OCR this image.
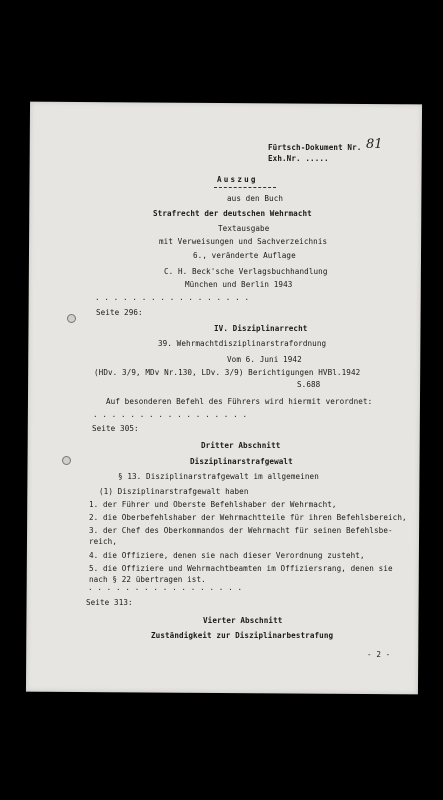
Fürtsch-Dokument Nr. 81
Exh.Nr. .....
Auszug
aus den Buch
Strafrecht der deutschen Wehrmacht
Textausgabe
mit Verweisungen und Sachverzeichnis
6., veränderte Auflage
C. H. Beck'sche Verlagsbuchhandlung
München und Berlin 1943
. . . . . . . . . . . . . . . . .
Seite 296:
IV. Disziplinarrecht
39. Wehrmachtdisziplinarstrafordnung
Vom 6. Juni 1942
(HDv. 3/9, MDv Nr.130, LDv. 3/9) Berichtigungen HVBl.1942
S.688
Auf besonderen Befehl des Führers wird hiermit verordnet:
. . . . . . . . . . . . . . . . .
Seite 305:
Dritter Abschnitt
Disziplinarstrafgewalt
§ 13. Disziplinarstrafgewalt im allgemeinen
(1) Disziplinarstrafgewalt haben
1. der Führer und Oberste Befehlshaber der Wehrmacht,
2. die Oberbefehlshaber der Wehrmachtteile für ihren Befehlsbereich,
3. der Chef des Oberkommandos der Wehrmacht für seinen Befehlsbe-
reich,
4. die Offiziere, denen sie nach dieser Verordnung zusteht,
5. die Offiziere und Wehrmachtbeamten im Offiziersrang, denen sie
nach § 22 übertragen ist.
. . . . . . . . . . . . . . . . .
Seite 313:
Vierter Abschnitt
Zuständigkeit zur Disziplinarbestrafung
- 2 -
